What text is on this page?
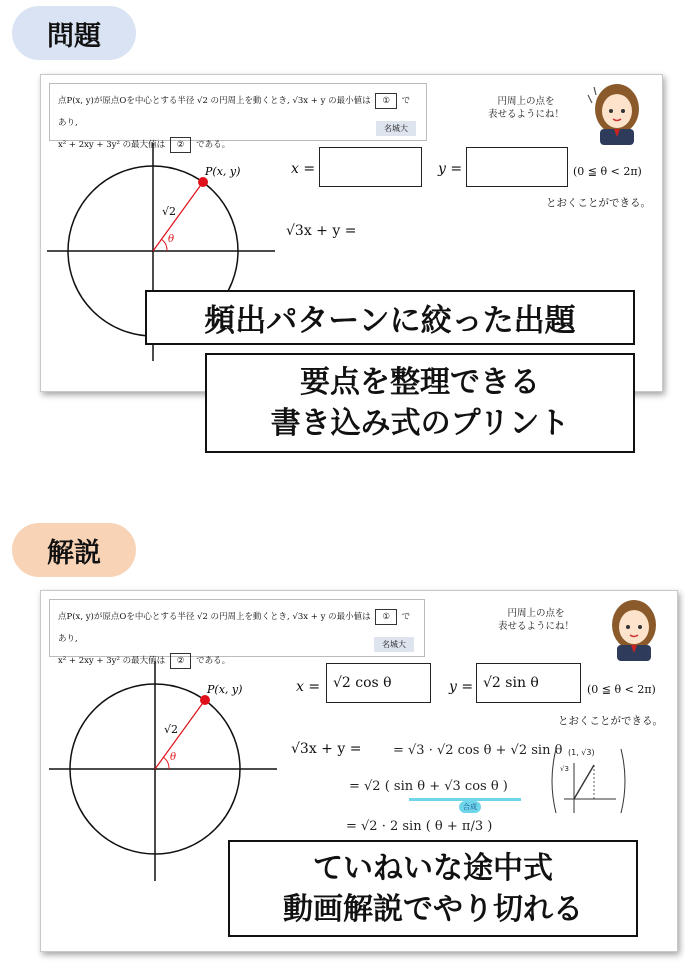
問題
解説
点P(x, y)が原点Oを中心とする半径 √2 の円周上を動くとき, √3x + y の最小値は ① であり,
x² + 2xy + 3y² の最大値は ② である。
名城大
円周上の点を
表せるようにね！
P(x, y)
√2
θ
x =	y =	(0 ≦ θ < 2π)
とおくことができる。
√3x + y =
頻出パターンに絞った出題
要点を整理できる
書き込み式のプリント
点P(x, y)が原点Oを中心とする半径 √2 の円周上を動くとき, √3x + y の最小値は ① であり,
x² + 2xy + 3y² の最大値は ② である。
名城大
円周上の点を
表せるようにね！
P(x, y)
√2
θ
x = √2 cos θ	y = √2 sin θ	(0 ≦ θ < 2π)
とおくことができる。
√3x + y = = √3 · √2 cos θ + √2 sin θ
= √2 ( sin θ + √3 cos θ )
合成
= √2 · 2 sin ( θ + π/3 )
(1, √3)
√3
ていねいな途中式
動画解説でやり切れる
